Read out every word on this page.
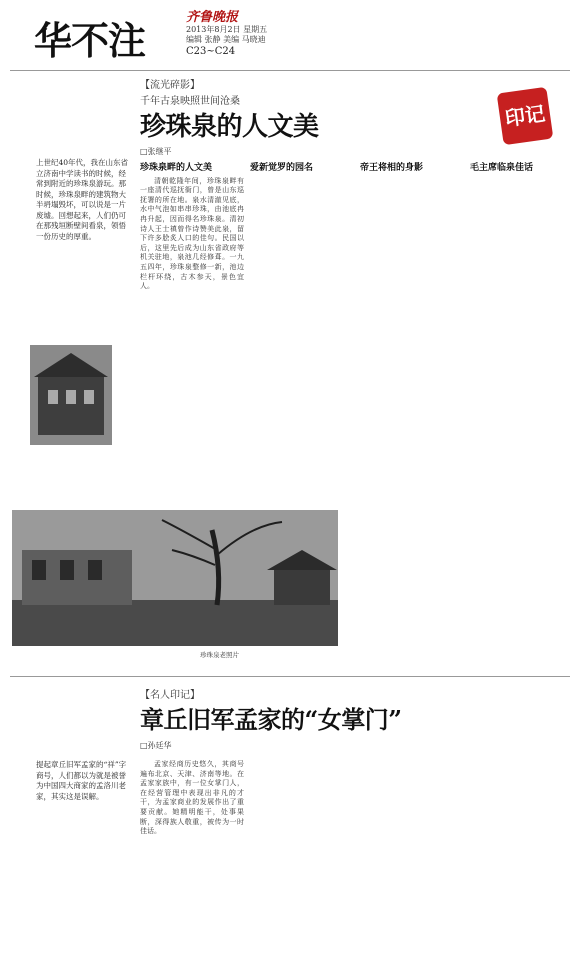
华不注
齐鲁晚报
2013年8月2日 星期五
编辑 张静 美编 马晓迪
C23~C24
【流光碎影】
千年古泉映照世间沧桑
珍珠泉的人文美
□张继平
印记
上世纪40年代，我在山东省立济南中学读书的时候，经常到附近的珍珠泉游玩。那时候，珍珠泉畔的建筑物大半坍塌毁坏，可以说是一片废墟。回想起来，人们仍可在那残垣断壁间看泉，领悟一份历史的厚重。
珍珠泉畔的人文美

清朝乾隆年间，珍珠泉畔有一座清代巡抚衙门，曾是山东巡抚署的所在地。泉水清澈见底，水中气泡如串串珍珠，由池底冉冉升起，因而得名珍珠泉。清初诗人王士禛曾作诗赞美此泉，留下许多脍炙人口的佳句。民国以后，这里先后成为山东省政府等机关驻地，泉池几经修葺。一九五四年，珍珠泉整修一新，池边栏杆环绕，古木参天，景色宜人。

爱新觉罗的园名	帝王将相的身影	毛主席临泉佳话
珍珠泉老照片
【名人印记】
章丘旧军孟家的“女掌门”
□孙廷华
提起章丘旧军孟家的“祥”字商号，人们都以为就是被誉为中国四大商家的孟洛川老家，其实这是误解。

孟家经商历史悠久，其商号遍布北京、天津、济南等地。在孟家家族中，有一位女掌门人，在经营管理中表现出非凡的才干，为孟家商业的发展作出了重要贡献。她精明能干，处事果断，深得族人敬重，被传为一时佳话。
